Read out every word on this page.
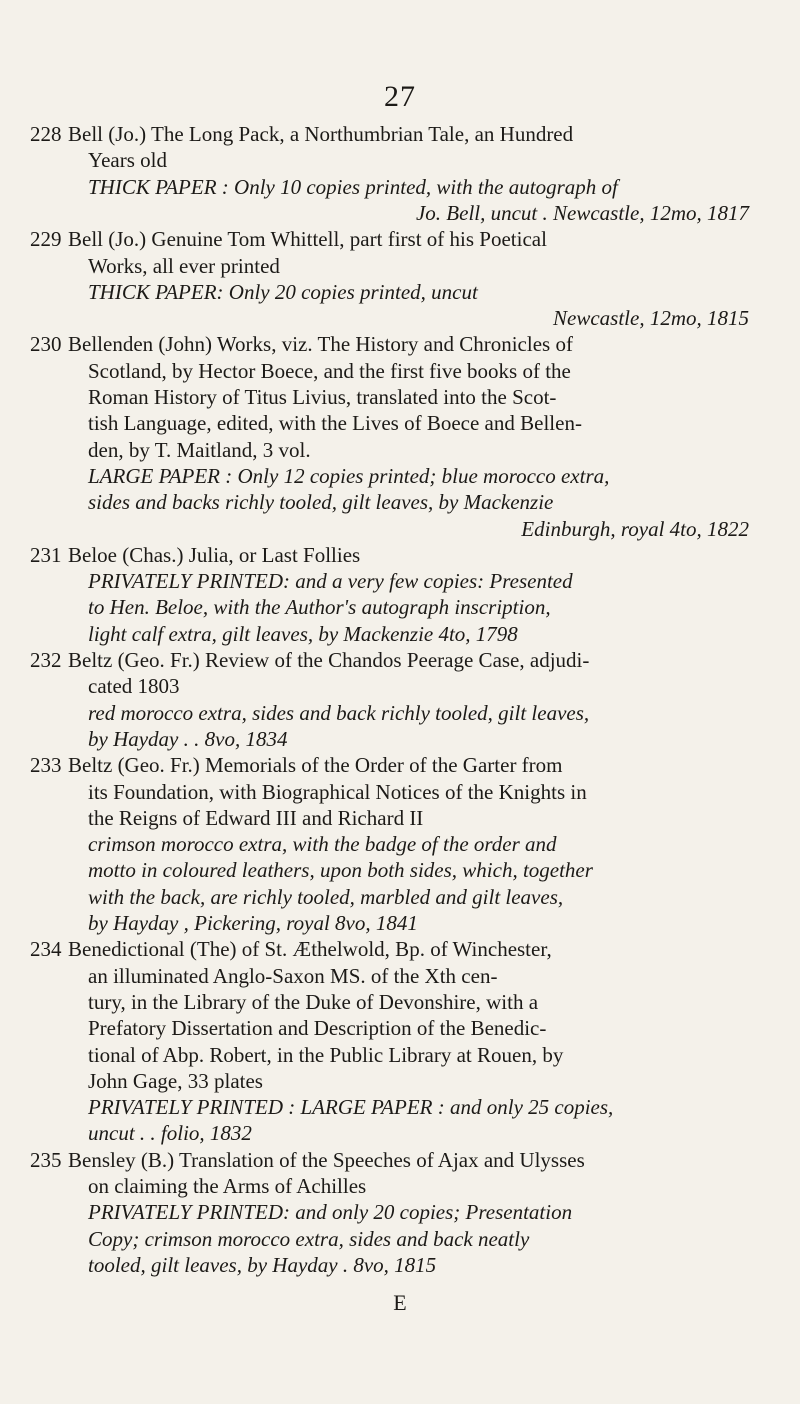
27
228 Bell (Jo.) The Long Pack, a Northumbrian Tale, an Hundred
Years old
THICK PAPER : Only 10 copies printed, with the autograph of
Jo. Bell, uncut . Newcastle, 12mo, 1817
229 Bell (Jo.) Genuine Tom Whittell, part first of his Poetical
Works, all ever printed
THICK PAPER: Only 20 copies printed, uncut
Newcastle, 12mo, 1815
230 Bellenden (John) Works, viz. The History and Chronicles of
Scotland, by Hector Boece, and the first five books of the
Roman History of Titus Livius, translated into the Scot-
tish Language, edited, with the Lives of Boece and Bellen-
den, by T. Maitland, 3 vol.
LARGE PAPER : Only 12 copies printed; blue morocco extra,
sides and backs richly tooled, gilt leaves, by Mackenzie
Edinburgh, royal 4to, 1822
231 Beloe (Chas.) Julia, or Last Follies
PRIVATELY PRINTED: and a very few copies: Presented
to Hen. Beloe, with the Author's autograph inscription,
light calf extra, gilt leaves, by Mackenzie 4to, 1798
232 Beltz (Geo. Fr.) Review of the Chandos Peerage Case, adjudi-
cated 1803
red morocco extra, sides and back richly tooled, gilt leaves,
by Hayday . . 8vo, 1834
233 Beltz (Geo. Fr.) Memorials of the Order of the Garter from
its Foundation, with Biographical Notices of the Knights in
the Reigns of Edward III and Richard II
crimson morocco extra, with the badge of the order and
motto in coloured leathers, upon both sides, which, together
with the back, are richly tooled, marbled and gilt leaves,
by Hayday , Pickering, royal 8vo, 1841
234 Benedictional (The) of St. Æthelwold, Bp. of Winchester,
an illuminated Anglo-Saxon MS. of the Xth cen-
tury, in the Library of the Duke of Devonshire, with a
Prefatory Dissertation and Description of the Benedic-
tional of Abp. Robert, in the Public Library at Rouen, by
John Gage, 33 plates
PRIVATELY PRINTED : LARGE PAPER : and only 25 copies,
uncut . . folio, 1832
235 Bensley (B.) Translation of the Speeches of Ajax and Ulysses
on claiming the Arms of Achilles
PRIVATELY PRINTED: and only 20 copies; Presentation
Copy; crimson morocco extra, sides and back neatly
tooled, gilt leaves, by Hayday . 8vo, 1815
E
